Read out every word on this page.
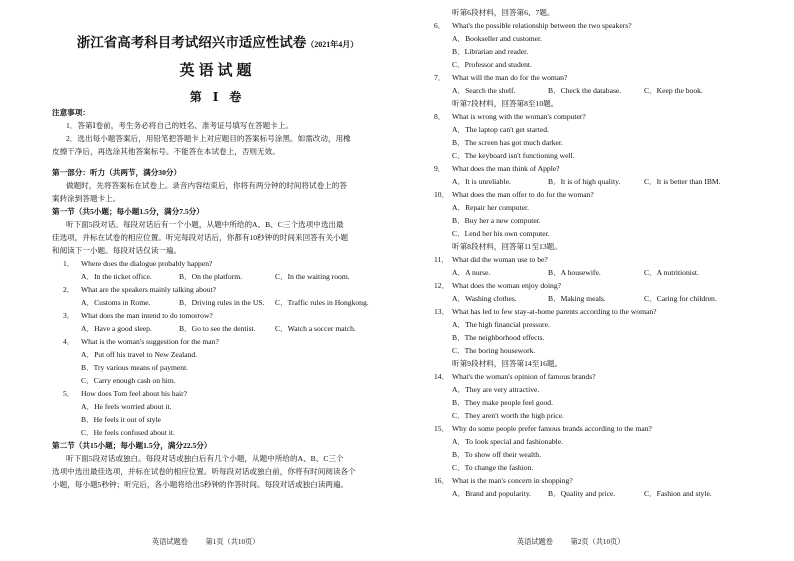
浙江省高考科目考试绍兴市适应性试卷（2021年4月）
英语试题
第 Ⅰ 卷
注意事项：
1．答第Ⅰ卷前，考生务必将自己的姓名、准考证号填写在答题卡上。
2．选出每小题答案后，用铅笔把答题卡上对应题目的答案标号涂黑。如需改动，用橡
皮擦干净后，再选涂其他答案标号。不能答在本试卷上，否则无效。
第一部分：听力（共两节，满分30分）
做题时，先将答案标在试卷上。录音内容结束后，你将有两分钟的时间将试卷上的答
案转涂到答题卡上。
第一节（共5小题；每小题1.5分，满分7.5分）
听下面5段对话。每段对话后有一个小题，从题中所给的A、B、C三个选项中选出最
佳选项，并标在试卷的相应位置。听完每段对话后，你都有10秒钟的时间来回答有关小题
和阅读下一小题。每段对话仅读一遍。
1． Where does the dialogue probably happen?
A．In the ticket office.	B．On the platform.	C．In the waiting room.
2． What are the speakers mainly talking about?
A．Customs in Rome.	B．Driving rules in the US.	C．Traffic rules in Hongkong.
3． What does the man intend to do tomorrow?
A．Have a good sleep.	B．Go to see the dentist.	C．Watch a soccer match.
4． What is the woman's suggestion for the man?
A．Put off his travel to New Zealand.
B．Try various means of payment.
C．Carry enough cash on him.
5． How does Tom feel about his hair?
A．He feels worried about it.
B．He feels it out of style
C．He feels confused about it.
第二节（共15小题；每小题1.5分，满分22.5分）
听下面5段对话或独白。每段对话或独白后有几个小题，从题中所给的A、B、C三个
选项中选出最佳选项，并标在试卷的相应位置。听每段对话或独白前，你将有时间阅读各个
小题，每小题5秒钟；听完后，各小题将给出5秒钟的作答时间。每段对话或独白读两遍。
英语试题卷 第1页（共10页）
听第6段材料，回答第6、7题。
6． What's the possible relationship between the two speakers?
A．Bookseller and customer.
B．Librarian and reader.
C．Professor and student.
7． What will the man do for the woman?
A．Search the shelf.	B．Check the database.	C．Keep the book.
听第7段材料，回答第8至10题。
8． What is wrong with the woman's computer?
A．The laptop can't get started.
B．The screen has got much darker.
C．The keyboard isn't functioning well.
9． What does the man think of Apple?
A．It is unreliable.	B．It is of high quality.	C．It is better than IBM.
10． What does the man offer to do for the woman?
A．Repair her computer.
B．Buy her a new computer.
C．Lend her his own computer.
听第8段材料，回答第11至13题。
11． What did the woman use to be?
A．A nurse.	B．A housewife.	C．A nutritionist.
12． What does the woman enjoy doing?
A．Washing clothes.	B．Making meals.	C．Caring for children.
13． What has led to few stay-at-home parents according to the woman?
A．The high financial pressure.
B．The neighborhood effects.
C．The boring housework.
听第9段材料，回答第14至16题。
14． What's the woman's opinion of famous brands?
A．They are very attractive.
B．They make people feel good.
C．They aren't worth the high price.
15． Why do some people prefer famous brands according to the man?
A．To look special and fashionable.
B．To show off their wealth.
C．To change the fashion.
16． What is the man's concern in shopping?
A．Brand and popularity.	B．Quality and price.	C．Fashion and style.
英语试题卷 第2页（共10页）
